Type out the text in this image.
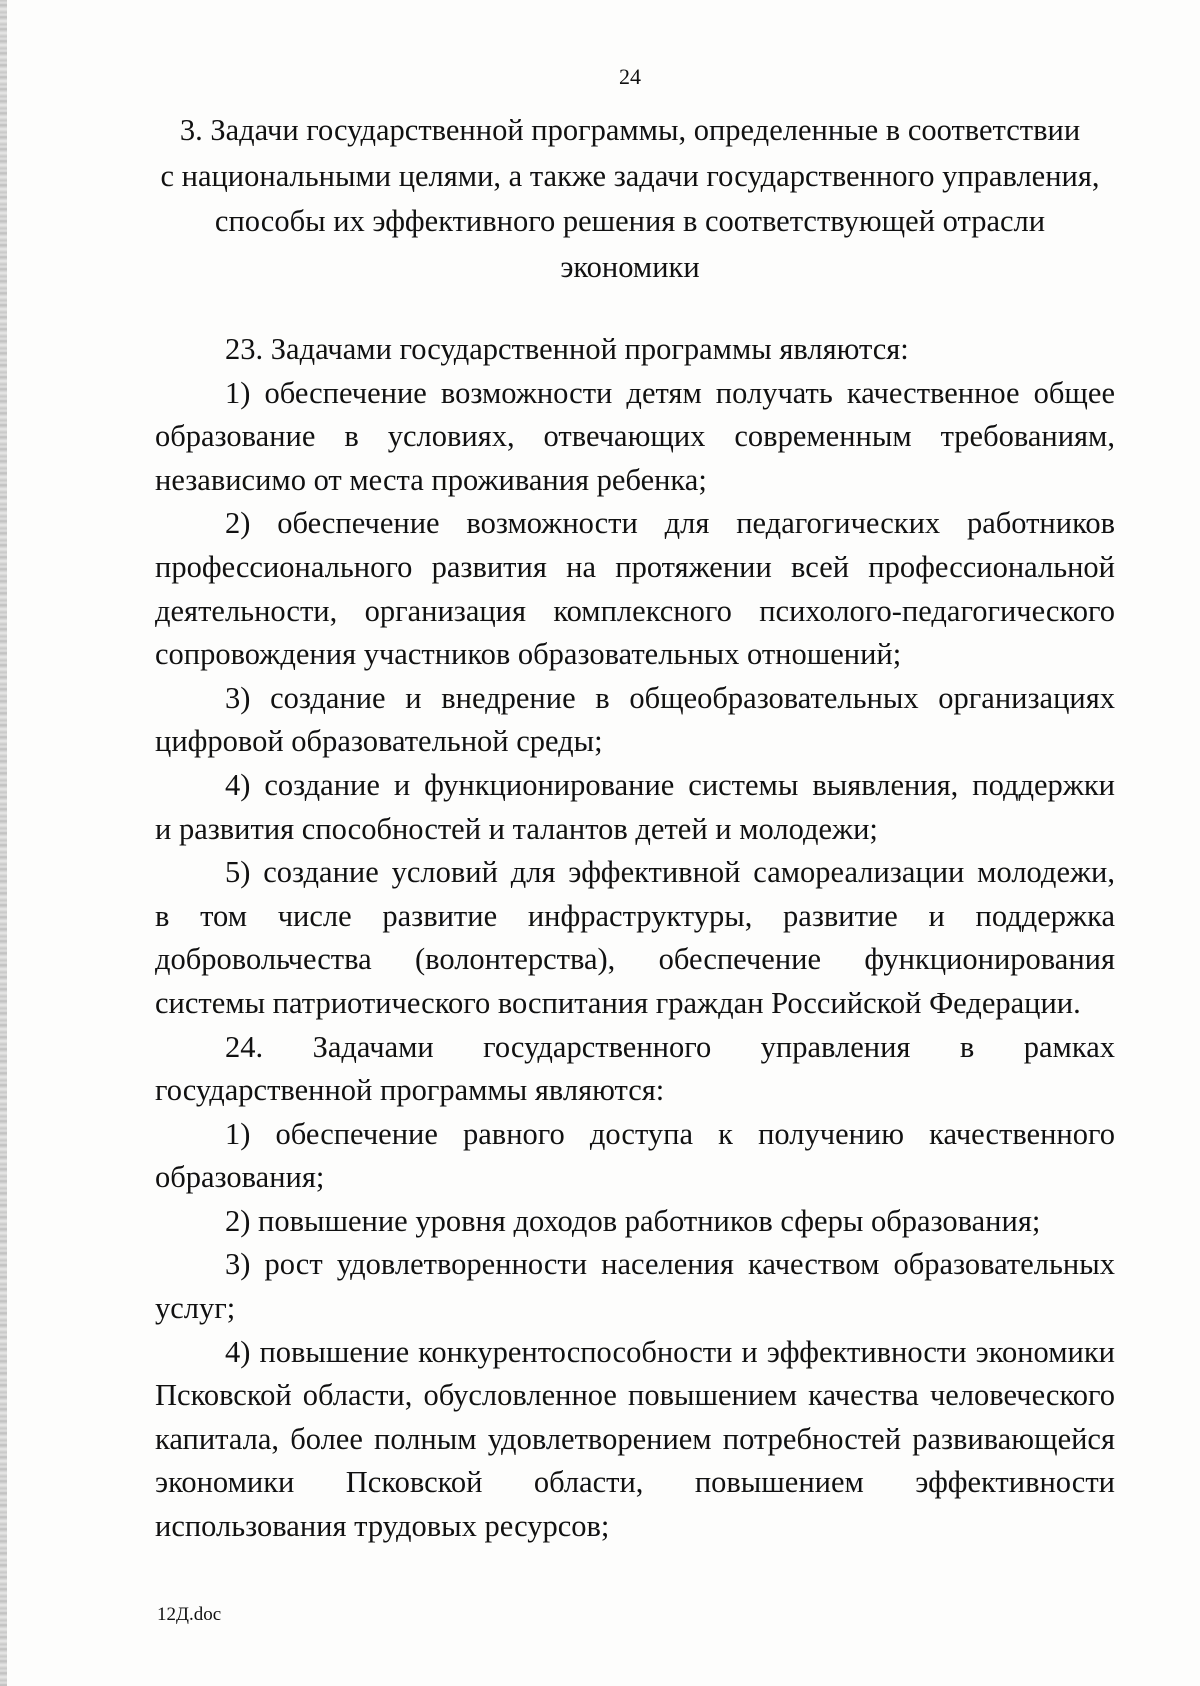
24
3. Задачи государственной программы, определенные в соответствии
с национальными целями, а также задачи государственного управления,
способы их эффективного решения в соответствующей отрасли
экономики
23. Задачами государственной программы являются:
1) обеспечение возможности детям получать качественное общее
образование в условиях, отвечающих современным требованиям,
независимо от места проживания ребенка;
2) обеспечение возможности для педагогических работников
профессионального развития на протяжении всей профессиональной
деятельности, организация комплексного психолого-педагогического
сопровождения участников образовательных отношений;
3) создание и внедрение в общеобразовательных организациях
цифровой образовательной среды;
4) создание и функционирование системы выявления, поддержки
и развития способностей и талантов детей и молодежи;
5) создание условий для эффективной самореализации молодежи,
в том числе развитие инфраструктуры, развитие и поддержка
добровольчества (волонтерства), обеспечение функционирования
системы патриотического воспитания граждан Российской Федерации.
24. Задачами государственного управления в рамках
государственной программы являются:
1) обеспечение равного доступа к получению качественного
образования;
2) повышение уровня доходов работников сферы образования;
3) рост удовлетворенности населения качеством образовательных
услуг;
4) повышение конкурентоспособности и эффективности экономики
Псковской области, обусловленное повышением качества человеческого
капитала, более полным удовлетворением потребностей развивающейся
экономики Псковской области, повышением эффективности
использования трудовых ресурсов;
12Д.doc
